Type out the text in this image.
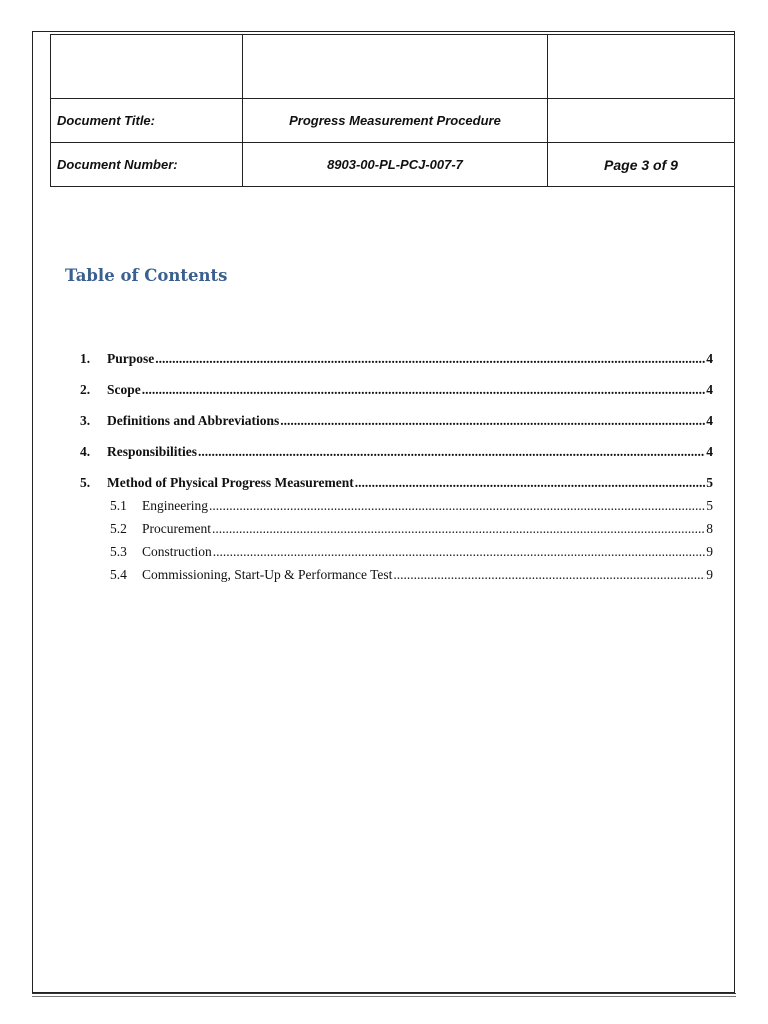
Document Title:	Progress Measurement Procedure	
Document Number:	8903-00-PL-PCJ-007-7	Page 3 of 9
Table of Contents
1.	Purpose .....	4
2.	Scope .....	4
3.	Definitions and Abbreviations .....	4
4.	Responsibilities .....	4
5.	Method of Physical Progress Measurement .....	5
5.1	Engineering .....	5
5.2	Procurement .....	8
5.3	Construction .....	9
5.4	Commissioning, Start-Up & Performance Test .....	9
